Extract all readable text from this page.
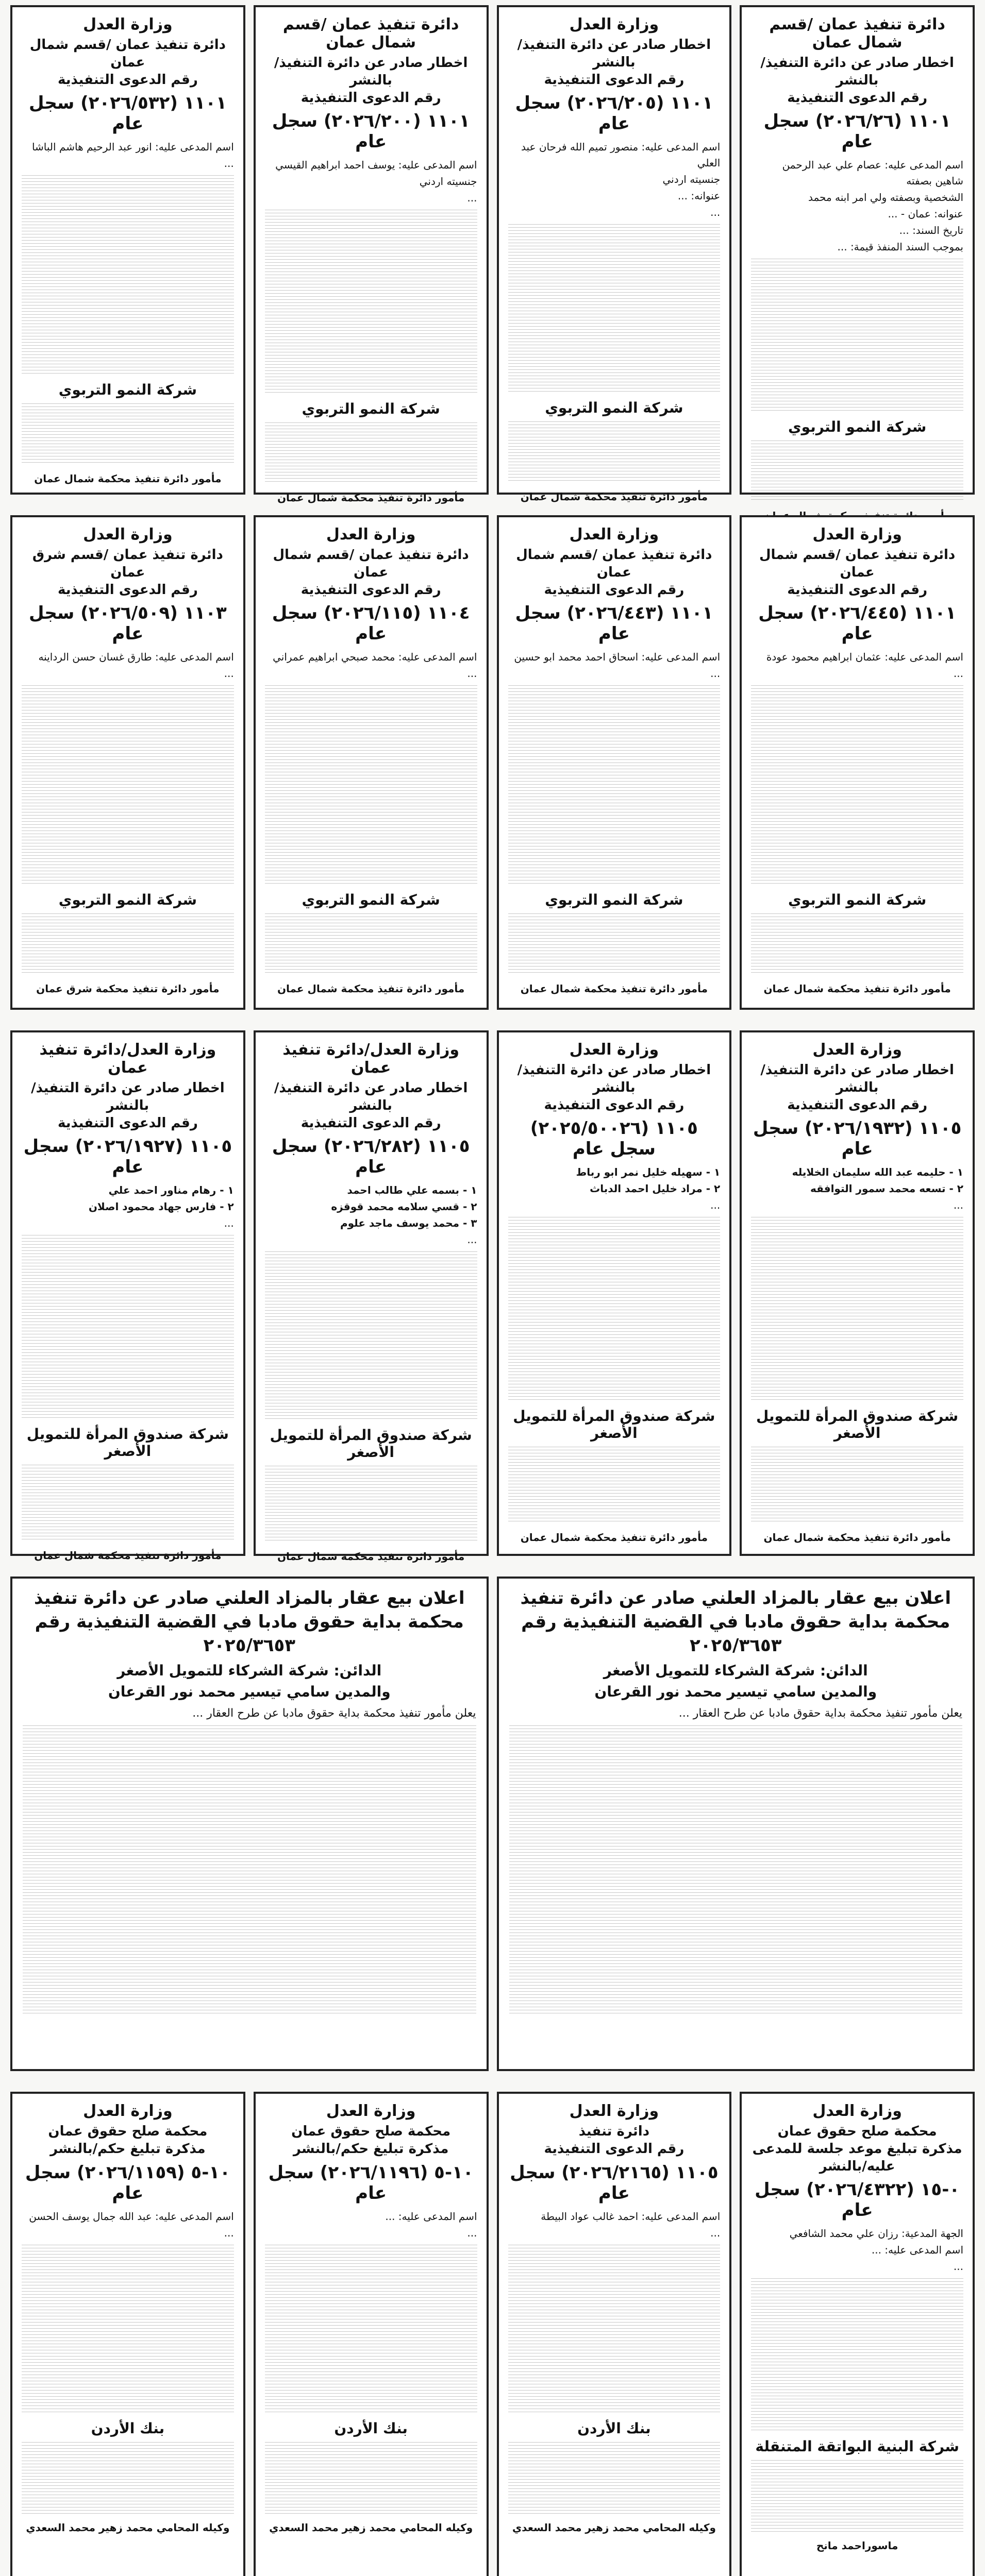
دائرة تنفيذ عمان /قسم شمال عمان
اخطار صادر عن دائرة التنفيذ/ بالنشر
رقم الدعوى التنفيذية
١١٠١ (٢٠٢٦/٢٦) سجل عام
اسم المدعى عليه: عصام علي عبد الرحمن شاهين بصفته
الشخصية وبصفته ولي امر ابنه محمد
عنوانه: عمان - ...
تاريخ السند: ...
بموجب السند المنفذ قيمة: ...
شركة النمو التربوي
وزارة العدل
اخطار صادر عن دائرة التنفيذ/ بالنشر
رقم الدعوى التنفيذية
١١٠١ (٢٠٢٦/٢٠٥) سجل عام
اسم المدعى عليه: منصور تميم الله فرحان عبد العلي
جنسيته اردني
عنوانه: ...
...
شركة النمو التربوي
مأمور دائرة تنفيذ محكمة شمال عمان
دائرة تنفيذ عمان /قسم شمال عمان
اخطار صادر عن دائرة التنفيذ/ بالنشر
رقم الدعوى التنفيذية
١١٠١ (٢٠٢٦/٢٠٠) سجل عام
اسم المدعى عليه: يوسف احمد ابراهيم القيسي
جنسيته اردني
...
شركة النمو التربوي
مأمور دائرة تنفيذ محكمة شمال عمان
وزارة العدل
دائرة تنفيذ عمان /قسم شمال عمان
رقم الدعوى التنفيذية
١١٠١ (٢٠٢٦/٥٣٢) سجل عام
اسم المدعى عليه: انور عبد الرحيم هاشم الباشا
...
شركة النمو التربوي
مأمور دائرة تنفيذ محكمة شمال عمان
وزارة العدل
دائرة تنفيذ عمان /قسم شمال عمان
رقم الدعوى التنفيذية
١١٠١ (٢٠٢٦/٤٤٥) سجل عام
اسم المدعى عليه: عثمان ابراهيم محمود عودة
...
شركة النمو التربوي
مأمور دائرة تنفيذ محكمة شمال عمان
وزارة العدل
دائرة تنفيذ عمان /قسم شمال عمان
رقم الدعوى التنفيذية
١١٠١ (٢٠٢٦/٤٤٣) سجل عام
اسم المدعى عليه: اسحاق احمد محمد ابو حسين
...
شركة النمو التربوي
مأمور دائرة تنفيذ محكمة شمال عمان
وزارة العدل
دائرة تنفيذ عمان /قسم شمال عمان
رقم الدعوى التنفيذية
١١٠٤ (٢٠٢٦/١١٥) سجل عام
اسم المدعى عليه: محمد صبحي ابراهيم عمراني
...
شركة النمو التربوي
مأمور دائرة تنفيذ محكمة شمال عمان
وزارة العدل
دائرة تنفيذ عمان /قسم شرق عمان
رقم الدعوى التنفيذية
١١٠٣ (٢٠٢٦/٥٠٩) سجل عام
اسم المدعى عليه: طارق غسان حسن الرداينه
...
شركة النمو التربوي
مأمور دائرة تنفيذ محكمة شرق عمان
وزارة العدل
اخطار صادر عن دائرة التنفيذ/ بالنشر
رقم الدعوى التنفيذية
١١٠٥ (٢٠٢٦/١٩٣٢) سجل عام
١ - حليمه عبد الله سليمان الخلايله
٢ - تسعه محمد سمور التوافقه
...
شركة صندوق المرأة للتمويل الأصغر
مأمور دائرة تنفيذ محكمة شمال عمان
وزارة العدل
اخطار صادر عن دائرة التنفيذ/ بالنشر
رقم الدعوى التنفيذية
١١٠٥ (٢٠٢٥/٥٠٠٢٦) سجل عام
١ - سهيله خليل نمر ابو رباط
٢ - مراد خليل احمد الدباث
...
شركة صندوق المرأة للتمويل الأصغر
مأمور دائرة تنفيذ محكمة شمال عمان
وزارة العدل/دائرة تنفيذ عمان
اخطار صادر عن دائرة التنفيذ/ بالنشر
رقم الدعوى التنفيذية
١١٠٥ (٢٠٢٦/٢٨٢) سجل عام
١ - بسمه علي طالب احمد
٢ - قسي سلامه محمد قوقزه
٣ - محمد يوسف ماجد علوم
...
شركة صندوق المرأة للتمويل الأصغر
مأمور دائرة تنفيذ محكمة شمال عمان
وزارة العدل/دائرة تنفيذ عمان
اخطار صادر عن دائرة التنفيذ/ بالنشر
رقم الدعوى التنفيذية
١١٠٥ (٢٠٢٦/١٩٢٧) سجل عام
١ - رهام مناور احمد علي
٢ - فارس جهاد محمود اصلان
...
شركة صندوق المرأة للتمويل الأصغر
مأمور دائرة تنفيذ محكمة شمال عمان
اعلان بيع عقار بالمزاد العلني صادر عن دائرة تنفيذ محكمة بداية حقوق مادبا في القضية التنفيذية رقم ٢٠٢٥/٣٦٥٣
الدائن: شركة الشركاء للتمويل الأصغر
والمدين سامي تيسير محمد نور القرعان
يعلن مأمور تنفيذ محكمة بداية حقوق مادبا عن طرح العقار ...
اعلان بيع عقار بالمزاد العلني صادر عن دائرة تنفيذ محكمة بداية حقوق مادبا في القضية التنفيذية رقم ٢٠٢٥/٣٦٥٣
الدائن: شركة الشركاء للتمويل الأصغر
والمدين سامي تيسير محمد نور القرعان
يعلن مأمور تنفيذ محكمة بداية حقوق مادبا عن طرح العقار ...
وزارة العدل
محكمة صلح حقوق عمان
مذكرة تبليغ موعد جلسة للمدعى عليه/بالنشر
٠-١٥ (٢٠٢٦/٤٣٢٢) سجل عام
الجهة المدعية: رزان علي محمد الشافعي
اسم المدعى عليه: ...
...
شركة البنية البواتقة المتنقلة
ماسوراحمد مانح
وزارة العدل
دائرة تنفيذ
رقم الدعوى التنفيذية
١١٠٥ (٢٠٢٦/٢١٦٥) سجل عام
اسم المدعى عليه: احمد غالب عواد البيطة
...
بنك الأردن
وكيله المحامي محمد زهير محمد السعدي
وزارة العدل
محكمة صلح حقوق عمان
مذكرة تبليغ حكم/بالنشر
١٠-٥ (٢٠٢٦/١١٩٦) سجل عام
اسم المدعى عليه: ...
...
بنك الأردن
وكيله المحامي محمد زهير محمد السعدي
وزارة العدل
محكمة صلح حقوق عمان
مذكرة تبليغ حكم/بالنشر
١٠-٥ (٢٠٢٦/١١٥٩) سجل عام
اسم المدعى عليه: عبد الله جمال يوسف الحسن
...
بنك الأردن
وكيله المحامي محمد زهير محمد السعدي
